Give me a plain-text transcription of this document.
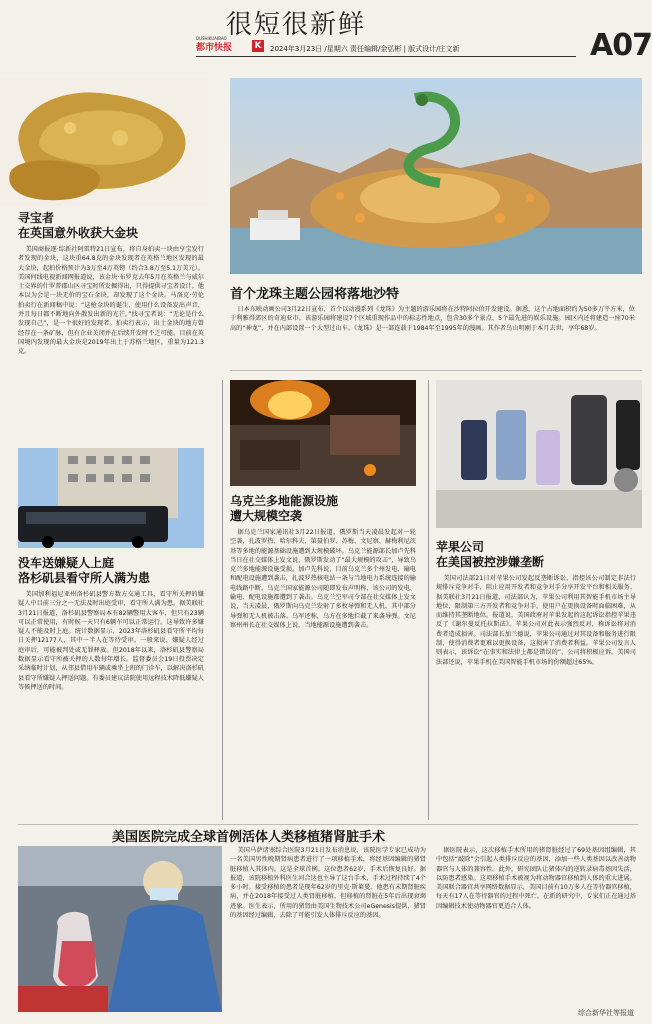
很短很新鲜
都市快报
DUSHIKUAIBAO
K	2024年3月23日 /星期六 责任编辑/金弘彬 | 版式设计/庄文新	A07
寻宝者
在英国意外收获大金块

美国商报逐·综新社阿雷特21日宣布，将自身拍卖一块由亨宝发行者发现的金块，这块重64.8克的金块发现者在英格兰地区发现的最大金块，起拍价格预计为3万至4万英镑（约合3.8万至5.1万美元）。美国何线电视新闻网报道说，该金块·布罗克去年5月在英格兰与威尔士交界的什罗普郡山区寻宝时所发掘得出，只得提供寻宝者设计。他本以为会是一块无价的宝石金块，却发现了这个金块。马洛克·劳伦拍卖行在新闻稿中说：“这枪金块的诞生，使用什么设备发出声音，并且每日都不断地向外散发出新的光芒。”找寻宝者说：“无论是什么发现自己”，是一个很好的发现者。拍卖行表示，出土金块的地方曾经存在一条矿脉，但有企业关闭并在后续开发时不乏可能。目前在英国境内发现的最大金块是2019年出土于苏格兰地区，重量为121.3克。

首个龙珠主题公园将落地沙特

日本东映动画公司3月22日宣布，首个以动漫系列《龙珠》为主题的游乐园将在沙特阿拉伯开发建设。据悉，这个占地面积约为50多万平方米，位于利雅得郊区的奇迪亚市。该游乐园将建设7个区域重现作品中的标志性地点，包含30多个景点、5个最先进的娱乐设施。园区内还将建造一座70米高的“神龙”，并在内部设置一个大型过山车。《龙珠》是一部连载于1984年至1995年的漫画。其作者鸟山明刚于本月去世，享年68岁。

没车送嫌疑人上庭
洛杉矶县看守所人满为患

美国加利福尼亚州洛杉矶县警方数方交通工具，看守所关押的嫌疑人中目前三分之一无法及时出庭受审，看守所人满为患。据美联社3月21日报道，洛杉矶县警察局本有82辆警用大客车，但只有23辆可以正常使用，有时候一天只有6辆车可以正常运行。这导致许多嫌疑人不能及时上庭。统计数据显示，2023年洛杉矶县看守所平均每日关押12177人，其中一半人在等待受审。一般来说，嫌疑人经过庭审后，可能被判处或无罪释放。但2018年以来，洛杉矶县警察局数据显示看守所被关押的人数每年增长。监督委员会19日投票决定采纳临时计划，从邻县借用车辆或乘坐上班的门诊车，以解决洛杉矶县看守所嫌疑人押送问题。有委员建议法院使用远程技术降低嫌疑人等候押送的时间。

乌克兰多地能源设施
遭大规模空袭

据乌克兰国家通讯社3月22日报道，俄罗斯当天凌晨发起对一轮空袭，扎波罗热、哈尔科夫、第聂伯罗、苏梅、文尼察、赫梅利尼茨基等多地的能源基础设施遭到大规模破坏。乌克兰能源部长加卢先科当日在社交媒体上发文说，俄罗斯发动了“最大规模的攻击”，导致乌克兰多地能源设施受损。加卢先科说，目前乌克兰多个州发电、输电和配电设施遭到袭击，扎波罗热核电站一条与当地电力系统连接的输电线路中断。乌克兰国家能源公司随即发布声明称，该公司的发电、输电、配电设施都遭到了袭击。乌克兰空军司令部在社交媒体上发文说，当天凌晨，俄罗斯向乌克兰发射了多枚导弹和无人机，其中部分导弹和无人机被击落。乌军还称，乌方在多地拦截了来袭导弹。文尼察州州长在社交媒体上说，当地能源设施遭到袭击。

苹果公司
在美国被控涉嫌垄断

美国司法部21日对苹果公司发起反垄断诉讼，指控该公司制定非法行规排斥竞争对手，阻止应用开发者和竞争对手分享开发平台和相关服务。据美联社3月21日报道，司法部认为，苹果公司利用其智能手机市场主导地位，限制第三方开发者和竞争对手，使用户在更换设备时面临困难，从而维持其垄断地位。报道说，美国政府对苹果发起的这起诉讼指控苹果违反了《谢尔曼反托拉斯法》。苹果公司对此表示强烈反对，称诉讼将对消费者造成损害。司法部长加兰德说，苹果公司通过对其设备和服务进行限制，使得消费者更难以更换设备，这损害了消费者利益。苹果公司发言人则表示，该诉讼“在事实和法律上都是错误的”，公司将积极应诉。美国司法部还说，苹果手机在美国智能手机市场的份额超过65%。

美国医院完成全球首例活体人类移植猪肾脏手术

美国马萨诸塞综合医院3月21日发布消息说，该院医学专家已成功为一名美国男性晚期肾病患者进行了一项移植手术，将经基因编辑的猪肾脏移植入其体内。这是全球首例。这位患者62岁，手术后恢复良好。据报道，该院移植外科医生河合达也主导了这台手术，手术过程持续了4个多小时。接受移植的患者是现年62岁的里克·斯莱曼，他患有末期肾脏疾病，并在2018年接受过人类肾脏移植，但移植的肾脏在5年后出现衰竭迹象。医生表示，所用的猪肾由美国生物技术公司eGenesis提供，猪肾的基因经过编辑，去除了可能引发人体排斥反应的基因。

据医院表示，这次移植手术所用的猪肾脏经过了69处基因组编辑，其中包括“敲除”会引起人类排斥反应的基因，添加一些人类基因以改善动物器官与人体的兼容性。此外，研究团队让猪体内的逆转录病毒基因失活，以防患者感染。这项移植手术被视为将动物器官移植到人体的重大进展。美国联合器官共享网络数据显示，美国目前有10万多人在等待器官移植，每天有17人在等待器官的过程中死亡。在新的研究中，专家们正在通过基因编辑技术使动物器官更适合人体。

综合新华社等报道
